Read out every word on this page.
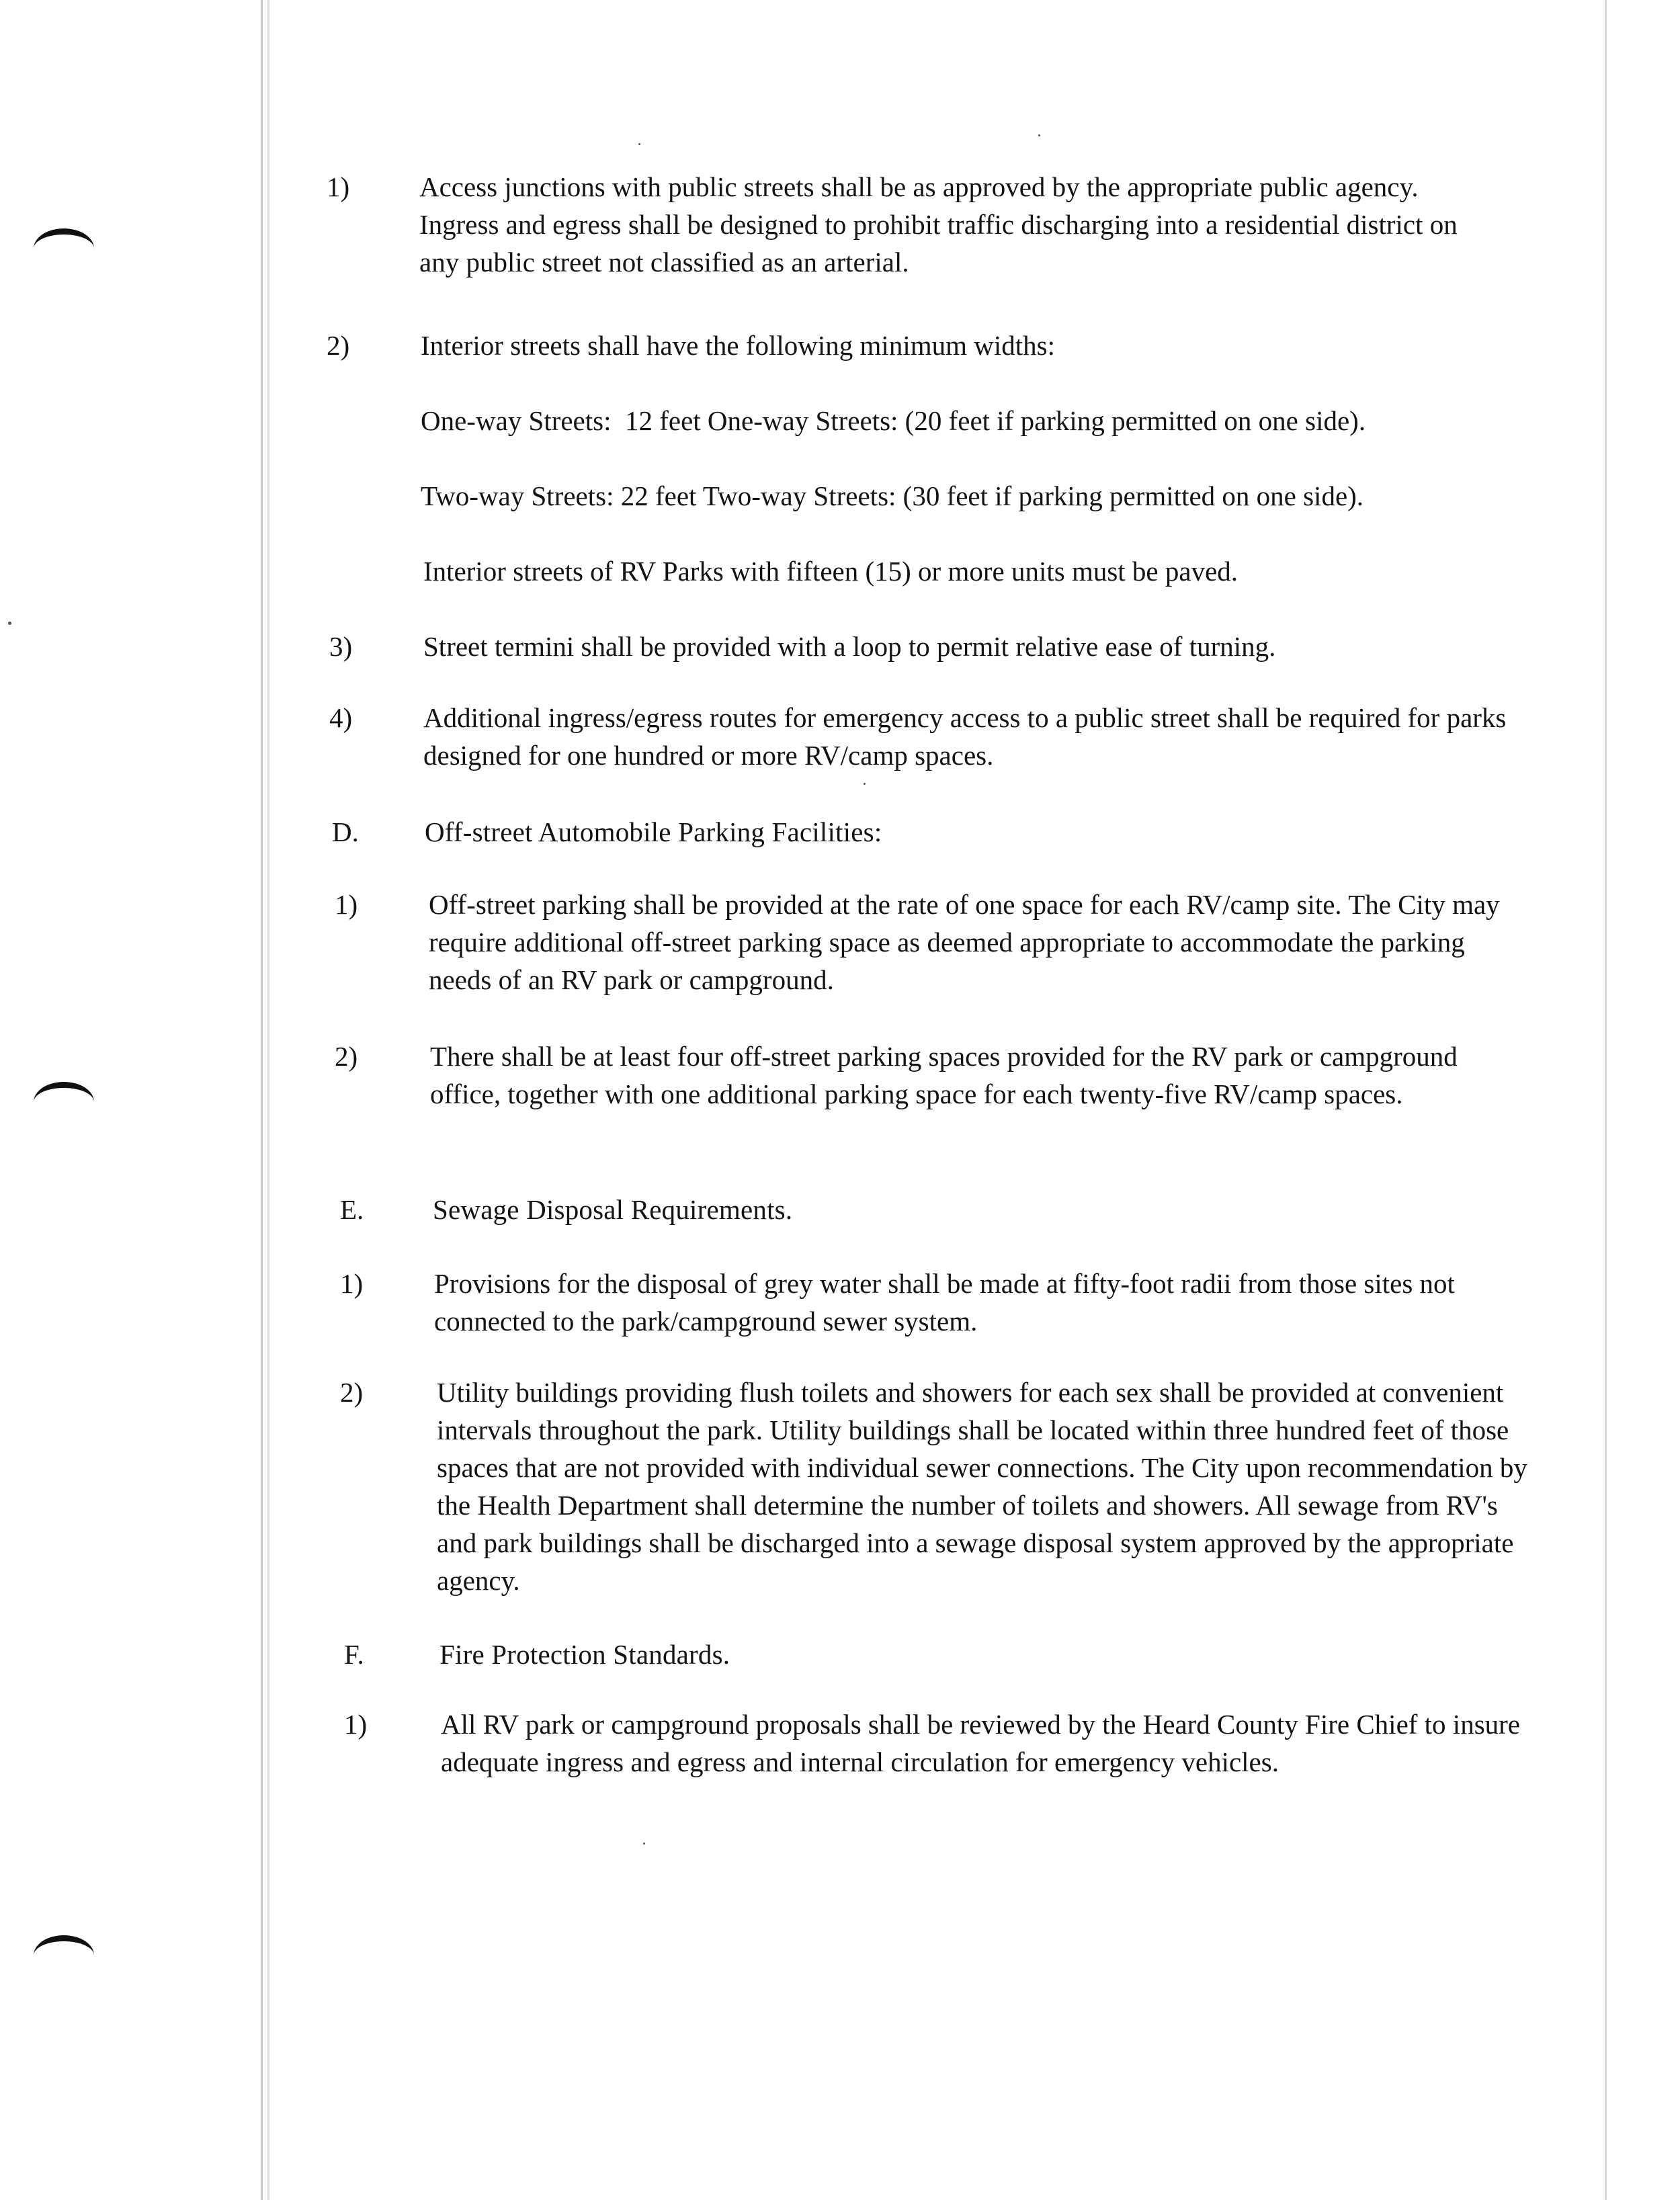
1)	Access junctions with public streets shall be as approved by the appropriate public agency. Ingress and egress shall be designed to prohibit traffic discharging into a residential district on any public street not classified as an arterial.
2)	Interior streets shall have the following minimum widths:
One-way Streets:  12 feet One-way Streets: (20 feet if parking permitted on one side).
Two-way Streets: 22 feet Two-way Streets: (30 feet if parking permitted on one side).
Interior streets of RV Parks with fifteen (15) or more units must be paved.
3)	Street termini shall be provided with a loop to permit relative ease of turning.
4)	Additional ingress/egress routes for emergency access to a public street shall be required for parks designed for one hundred or more RV/camp spaces.
D. Off-street Automobile Parking Facilities:
1)	Off-street parking shall be provided at the rate of one space for each RV/camp site. The City may require additional off-street parking space as deemed appropriate to accommodate the parking needs of an RV park or campground.
2)	There shall be at least four off-street parking spaces provided for the RV park or campground office, together with one additional parking space for each twenty-five RV/camp spaces.
E.	Sewage Disposal Requirements.
1)	Provisions for the disposal of grey water shall be made at fifty-foot radii from those sites not connected to the park/campground sewer system.
2)	Utility buildings providing flush toilets and showers for each sex shall be provided at convenient intervals throughout the park. Utility buildings shall be located within three hundred feet of those spaces that are not provided with individual sewer connections. The City upon recommendation by the Health Department shall determine the number of toilets and showers. All sewage from RV's and park buildings shall be discharged into a sewage disposal system approved by the appropriate agency.
F.	Fire Protection Standards.
1)	All RV park or campground proposals shall be reviewed by the Heard County Fire Chief to insure adequate ingress and egress and internal circulation for emergency vehicles.
